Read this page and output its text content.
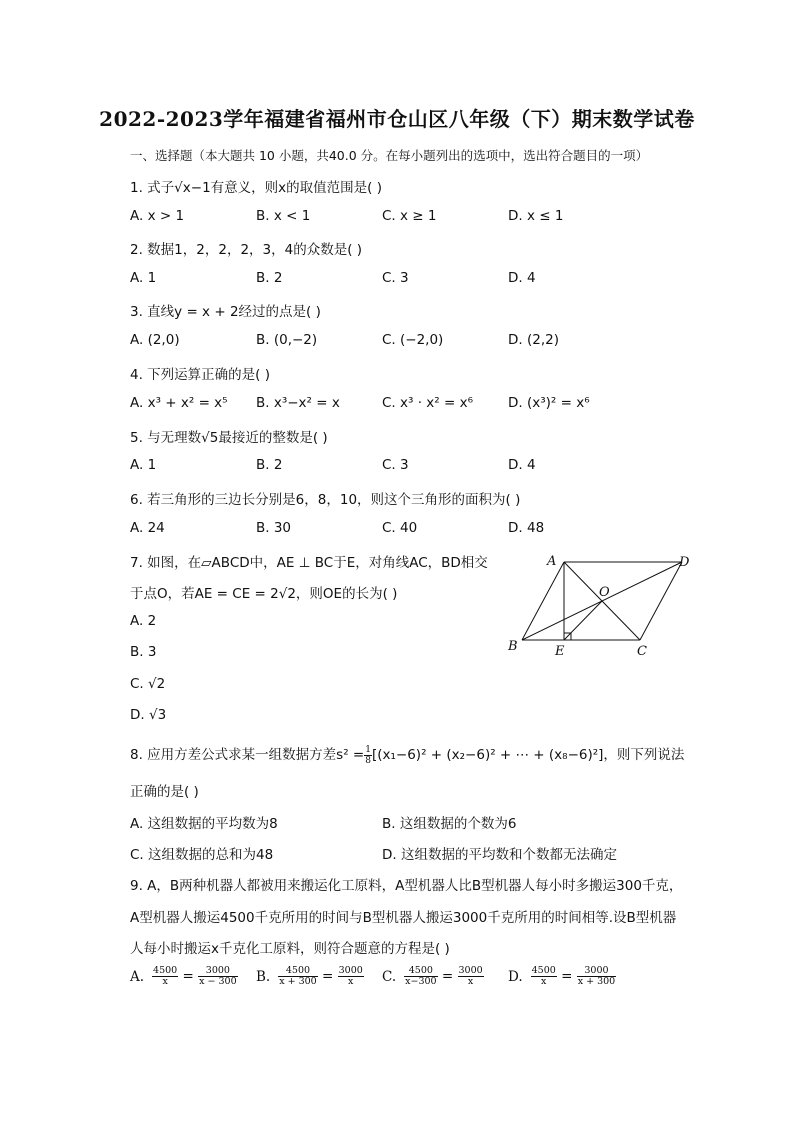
2022-2023学年福建省福州市仓山区八年级（下）期末数学试卷
一、选择题（本大题共 10 小题，共40.0 分。在每小题列出的选项中，选出符合题目的一项）
1. 式子√x−1有意义，则x的取值范围是( )
A. x > 1	B. x < 1	C. x ≥ 1	D. x ≤ 1
2. 数据1，2，2，2，3，4的众数是( )
A. 1	B. 2	C. 3	D. 4
3. 直线y = x + 2经过的点是( )
A. (2,0)	B. (0,−2)	C. (−2,0)	D. (2,2)
4. 下列运算正确的是( )
A. x³ + x² = x⁵ B. x³−x² = x	C. x³ · x² = x⁶	D. (x³)² = x⁶
5. 与无理数√5最接近的整数是( )
A. 1	B. 2	C. 3	D. 4
6. 若三角形的三边长分别是6，8，10，则这个三角形的面积为( )
A. 24	B. 30	C. 40	D. 48
7. 如图，在▱ABCD中，AE ⊥ BC于E，对角线AC，BD相交
于点O，若AE = CE = 2√2，则OE的长为( )
A. 2
B. 3
C. √2
D. √3
A	D
O
B	E	C
8. 应用方差公式求某一组数据方差$s^2 = \frac{1}{8} [(x_1-6)^2 + (x_2-6)^2$ + ⋯ + (x₈−6)²]，则下列说法
正确的是( )
A. 这组数据的平均数为8	B. 这组数据的个数为6
C. 这组数据的总和为48	D. 这组数据的平均数和个数都无法确定
9. A，B两种机器人都被用来搬运化工原料，A型机器人比B型机器人每小时多搬运300千克，
A型机器人搬运4500千克所用的时间与B型机器人搬运3000千克所用的时间相等.设B型机器
人每小时搬运x千克化工原料，则符合题意的方程是( )
A. $\frac{4500}{x} = \frac{3000}{x - 300} B$. $\frac{4500}{x + 300} = \frac{3000}{x} C$. $\frac{4500}{x-300} = \frac{3000}{x} D$. $\frac{4500}{x} = \frac{3000}{x + 300}$
